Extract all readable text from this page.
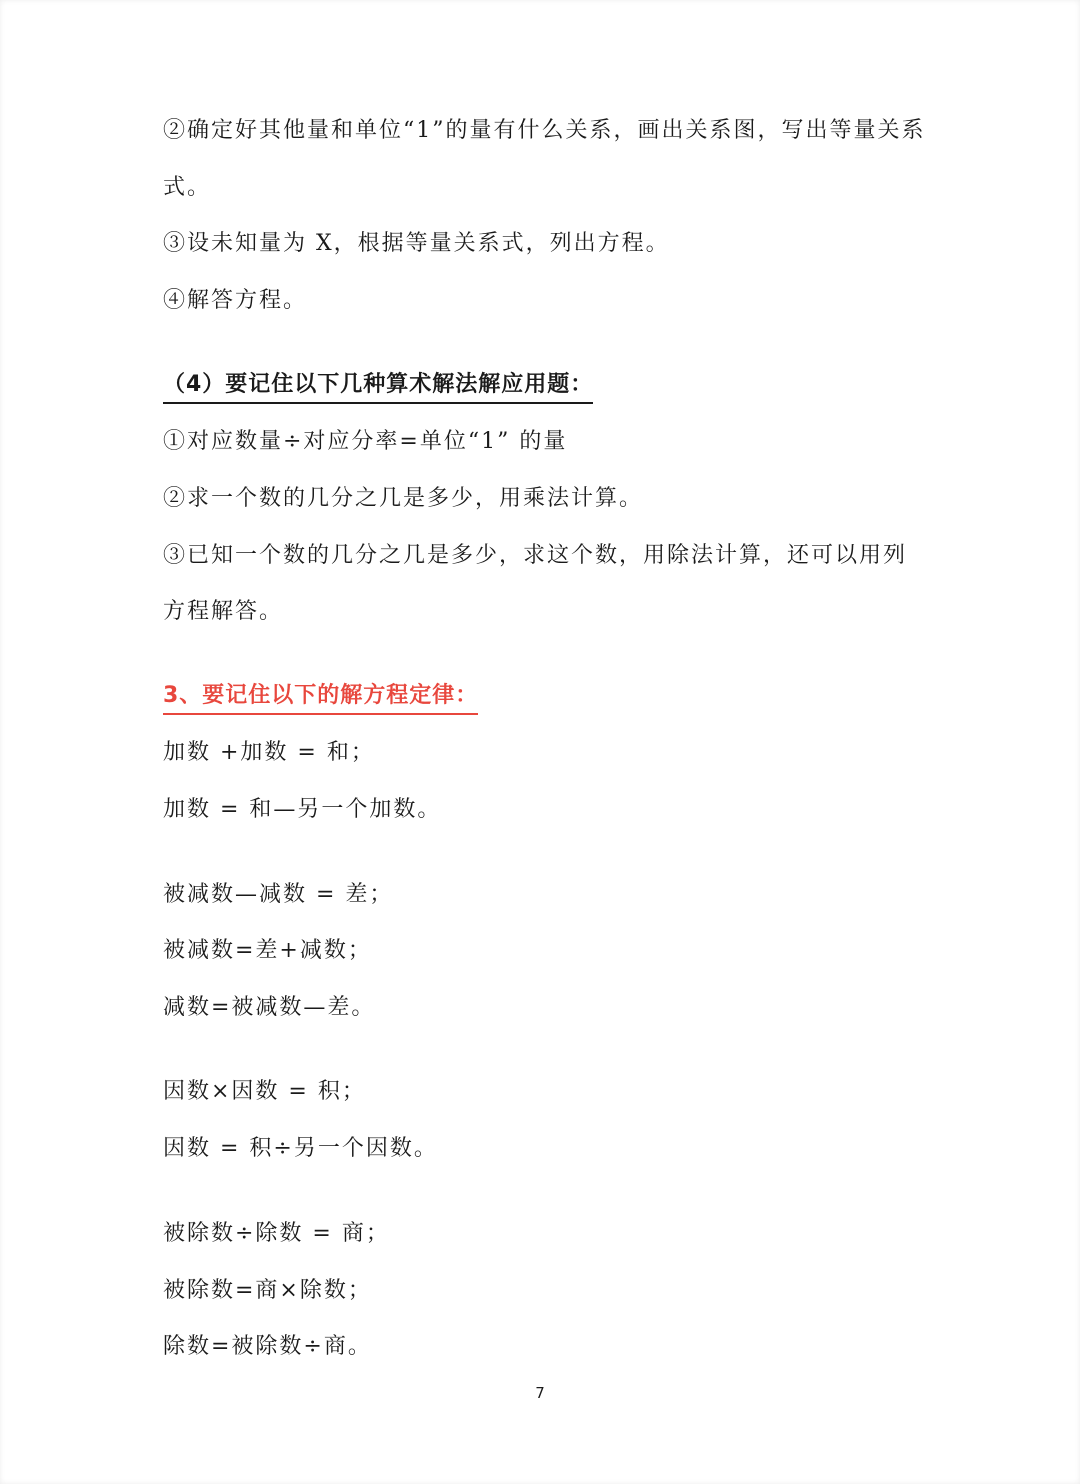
②确定好其他量和单位“1”的量有什么关系，画出关系图，写出等量关系
式。
③设未知量为 X，根据等量关系式，列出方程。
④解答方程。
（4）要记住以下几种算术解法解应用题：
①对应数量÷对应分率=单位“1” 的量
②求一个数的几分之几是多少，用乘法计算。
③已知一个数的几分之几是多少，求这个数，用除法计算，还可以用列
方程解答。
3、要记住以下的解方程定律：
加数 +加数 = 和；
加数 = 和—另一个加数。
被减数—减数 = 差；
被减数=差+减数；
减数=被减数—差。
因数×因数 = 积；
因数 = 积÷另一个因数。
被除数÷除数 = 商；
被除数=商×除数；
除数=被除数÷商。
7
